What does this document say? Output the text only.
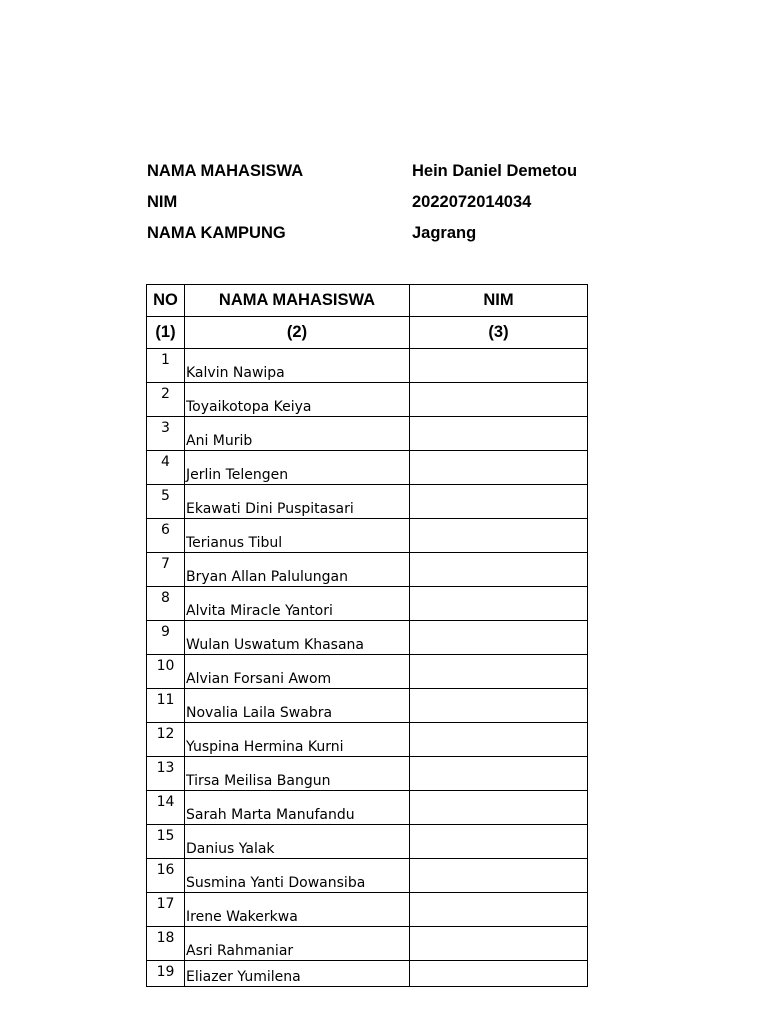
NAMA MAHASISWA	Hein Daniel Demetou
NIM	2022072014034
NAMA KAMPUNG	Jagrang
NO	NAMA MAHASISWA	NIM
(1)	(2)	(3)
1	Kalvin Nawipa	
2	Toyaikotopa Keiya	
3	Ani Murib	
4	Jerlin Telengen	
5	Ekawati Dini Puspitasari	
6	Terianus Tibul	
7	Bryan Allan Palulungan	
8	Alvita Miracle Yantori	
9	Wulan Uswatum Khasana	
10	Alvian Forsani Awom	
11	Novalia Laila Swabra	
12	Yuspina Hermina Kurni	
13	Tirsa Meilisa Bangun	
14	Sarah Marta Manufandu	
15	Danius Yalak	
16	Susmina Yanti Dowansiba	
17	Irene Wakerkwa	
18	Asri Rahmaniar	
19	Eliazer Yumilena	
